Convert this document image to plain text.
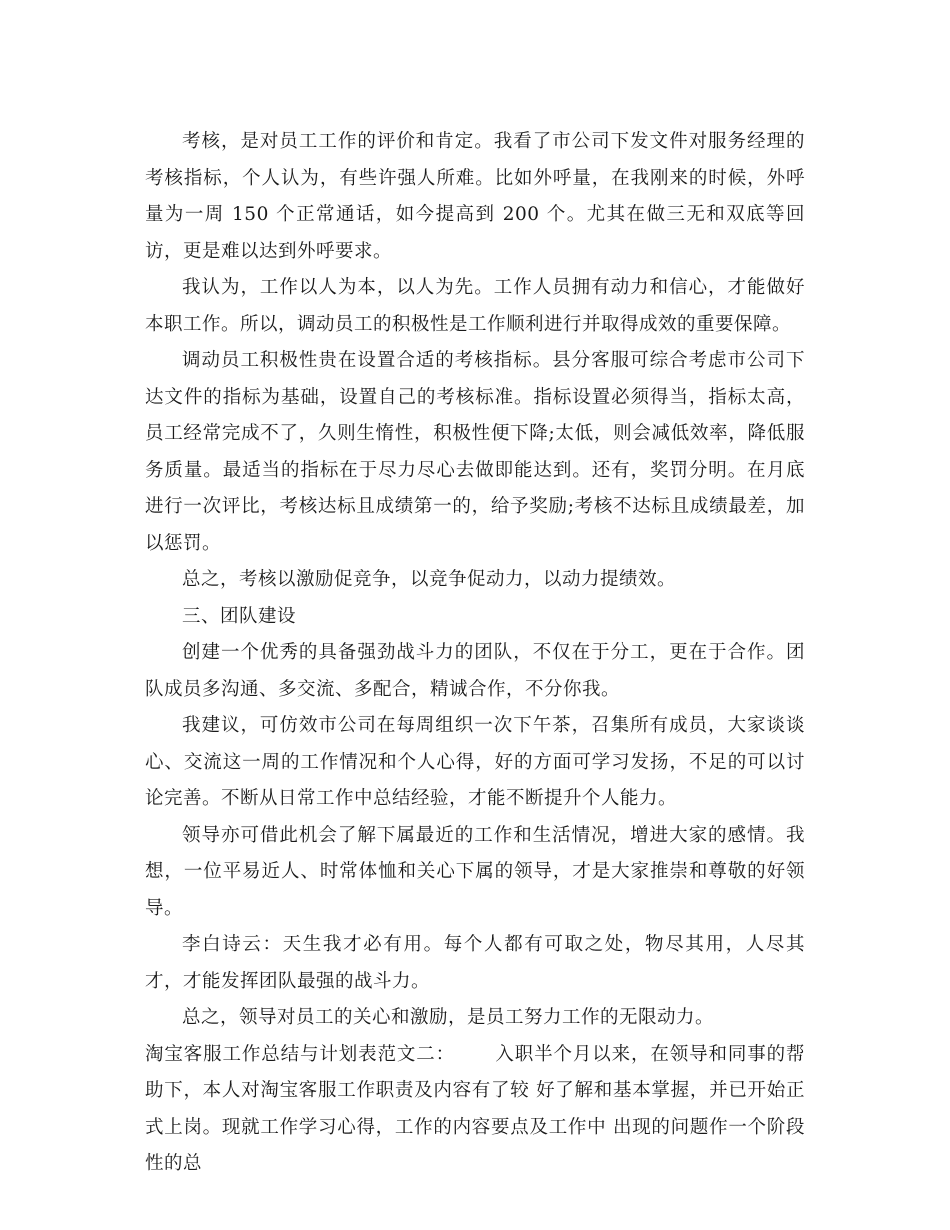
考核，是对员工工作的评价和肯定。我看了市公司下发文件对服务经理的考核指标，个人认为，有些许强人所难。比如外呼量，在我刚来的时候，外呼量为一周 150 个正常通话，如今提高到 200 个。尤其在做三无和双底等回访，更是难以达到外呼要求。

我认为，工作以人为本，以人为先。工作人员拥有动力和信心，才能做好本职工作。所以，调动员工的积极性是工作顺利进行并取得成效的重要保障。

调动员工积极性贵在设置合适的考核指标。县分客服可综合考虑市公司下达文件的指标为基础，设置自己的考核标准。指标设置必须得当，指标太高，员工经常完成不了，久则生惰性，积极性便下降;太低，则会减低效率，降低服务质量。最适当的指标在于尽力尽心去做即能达到。还有，奖罚分明。在月底进行一次评比，考核达标且成绩第一的，给予奖励;考核不达标且成绩最差，加以惩罚。

总之，考核以激励促竞争，以竞争促动力，以动力提绩效。

三、团队建设

创建一个优秀的具备强劲战斗力的团队，不仅在于分工，更在于合作。团队成员多沟通、多交流、多配合，精诚合作，不分你我。

我建议，可仿效市公司在每周组织一次下午茶，召集所有成员，大家谈谈心、交流这一周的工作情况和个人心得，好的方面可学习发扬，不足的可以讨论完善。不断从日常工作中总结经验，才能不断提升个人能力。

领导亦可借此机会了解下属最近的工作和生活情况，增进大家的感情。我想，一位平易近人、时常体恤和关心下属的领导，才是大家推崇和尊敬的好领导。

李白诗云：天生我才必有用。每个人都有可取之处，物尽其用，人尽其才，才能发挥团队最强的战斗力。

总之，领导对员工的关心和激励，是员工努力工作的无限动力。

淘宝客服工作总结与计划表范文二： 入职半个月以来，在领导和同事的帮助下，本人对淘宝客服工作职责及内容有了较 好了解和基本掌握，并已开始正式上岗。现就工作学习心得，工作的内容要点及工作中 出现的问题作一个阶段性的总
